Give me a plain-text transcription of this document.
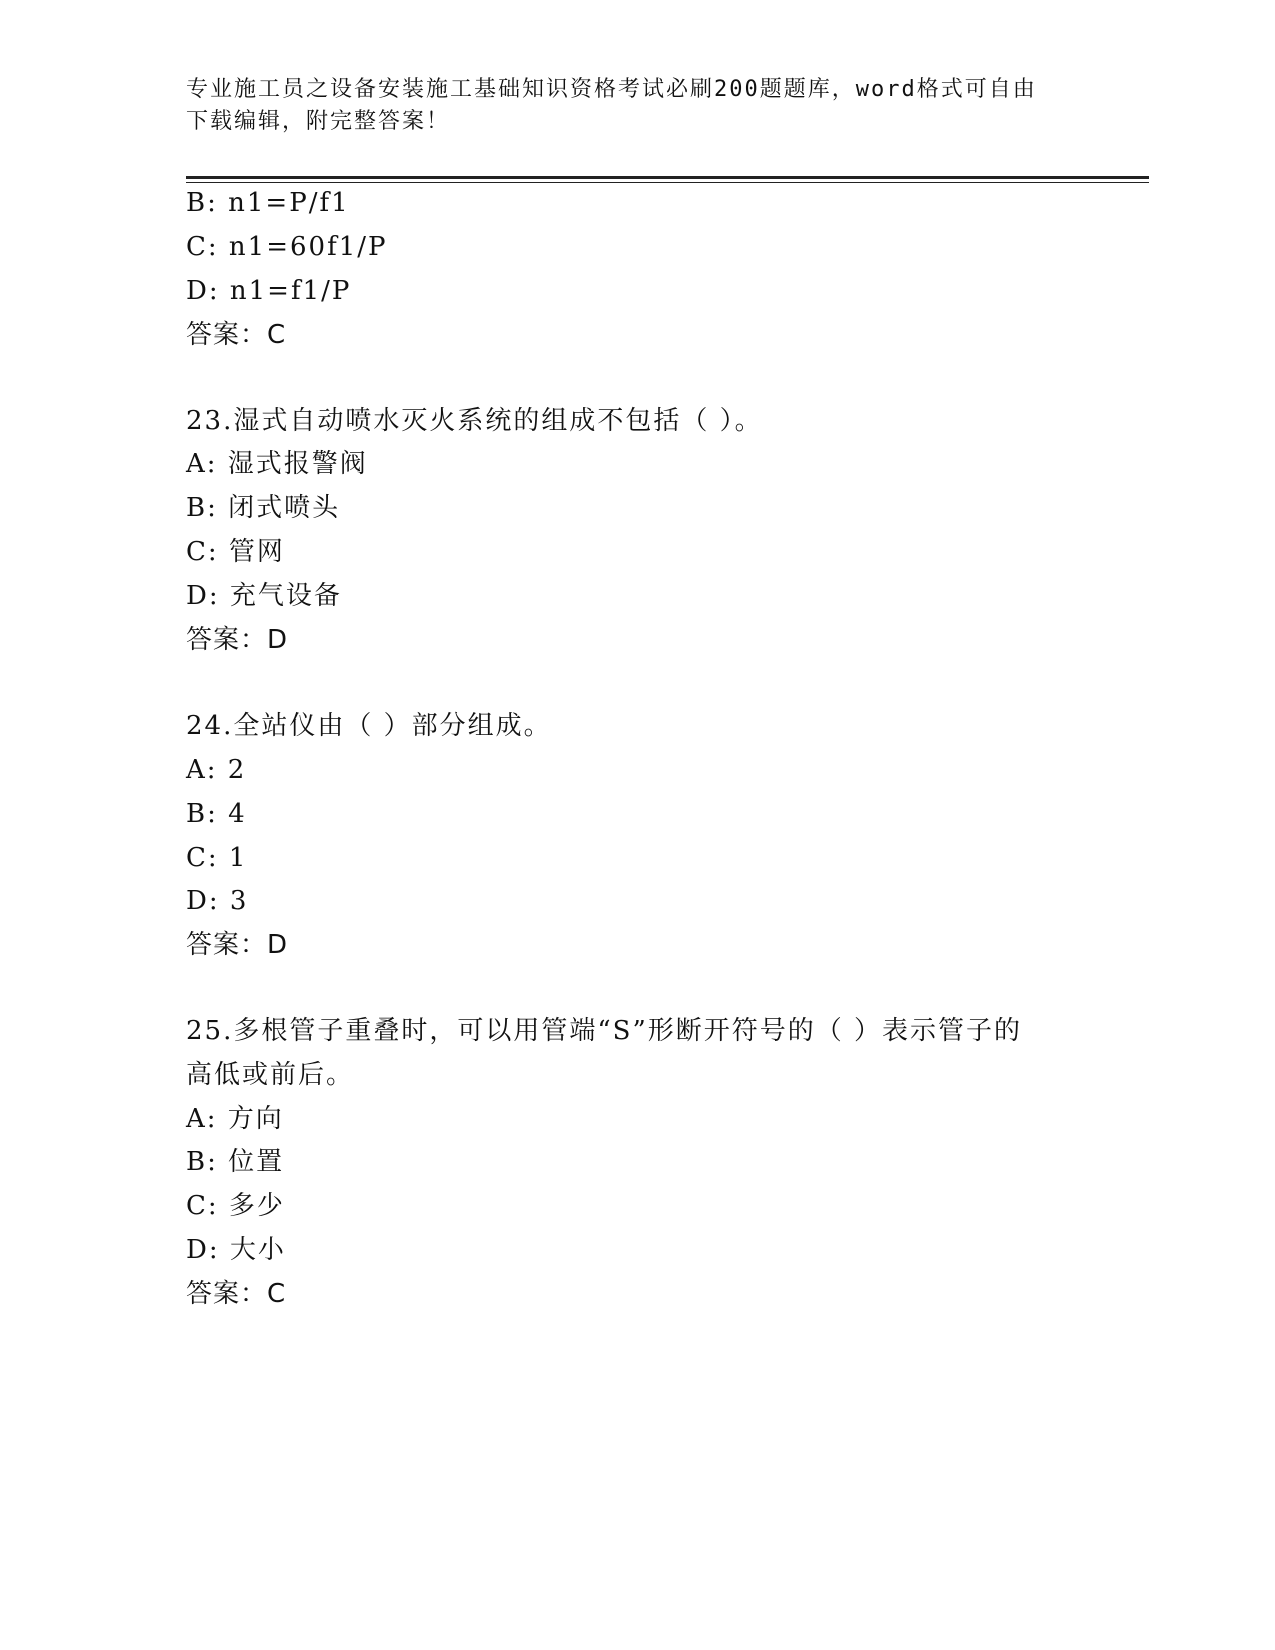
专业施工员之设备安装施工基础知识资格考试必刷200题题库，word格式可自由
下载编辑，附完整答案！
B: n1=P/f1
C: n1=60f1/P
D: n1=f1/P
答案：C
23.湿式自动喷水灭火系统的组成不包括（ ）。
A: 湿式报警阀
B: 闭式喷头
C: 管网
D: 充气设备
答案：D
24.全站仪由（ ）部分组成。
A: 2
B: 4
C: 1
D: 3
答案：D
25.多根管子重叠时，可以用管端“S”形断开符号的（ ）表示管子的
高低或前后。
A: 方向
B: 位置
C: 多少
D: 大小
答案：C
